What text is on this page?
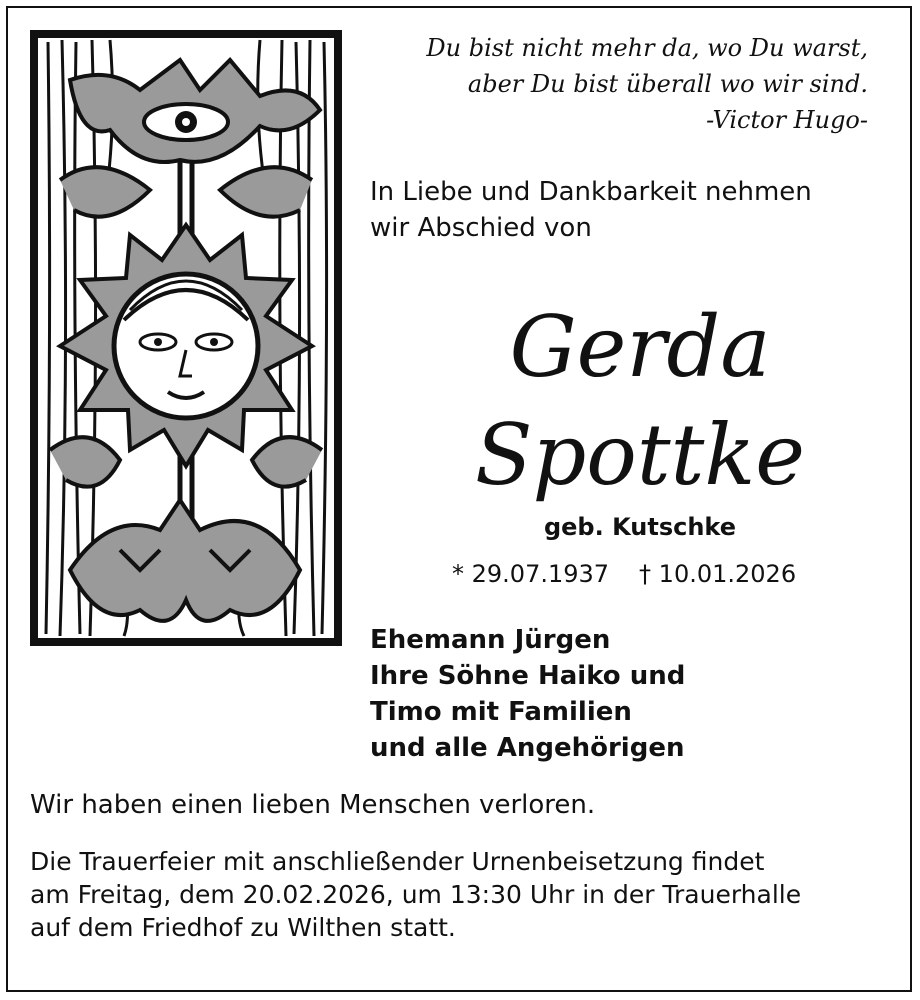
Du bist nicht mehr da, wo Du warst,
aber Du bist überall wo wir sind.
-Victor Hugo-
In Liebe und Dankbarkeit nehmen
wir Abschied von
Gerda
Spottke
geb. Kutschke
* 29.07.1937 † 10.01.2026
Ehemann Jürgen
Ihre Söhne Haiko und
Timo mit Familien
und alle Angehörigen
Wir haben einen lieben Menschen verloren.
Die Trauerfeier mit anschließender Urnenbeisetzung findet
am Freitag, dem 20.02.2026, um 13:30 Uhr in der Trauerhalle
auf dem Friedhof zu Wilthen statt.
